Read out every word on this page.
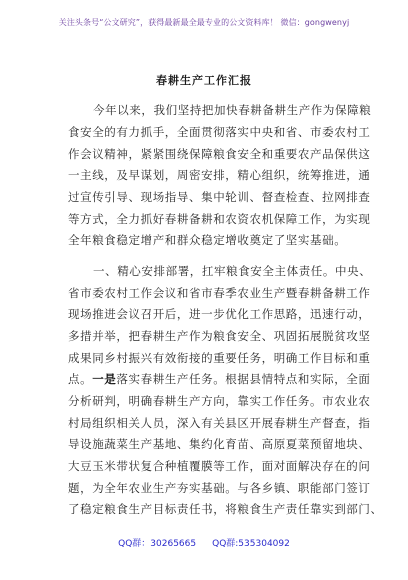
关注头条号“公文研究”，获得最新最全最专业的公文资料库！ 微信：gongwenyj
春耕生产工作汇报
今年以来，我们坚持把加快春耕备耕生产作为保障粮
食安全的有力抓手，全面贯彻落实中央和省、市委农村工
作会议精神，紧紧围绕保障粮食安全和重要农产品保供这
一主线，及早谋划，周密安排，精心组织，统筹推进，通
过宣传引导、现场指导、集中轮训、督查检查、拉网排查
等方式，全力抓好春耕备耕和农资农机保障工作，为实现
全年粮食稳定增产和群众稳定增收奠定了坚实基础。
一、精心安排部署，扛牢粮食安全主体责任。中央、
省市委农村工作会议和省市春季农业生产暨春耕备耕工作
现场推进会议召开后，进一步优化工作思路，迅速行动，
多措并举，把春耕生产作为粮食安全、巩固拓展脱贫攻坚
成果同乡村振兴有效衔接的重要任务，明确工作目标和重
点。一是落实春耕生产任务。根据县情特点和实际，全面
分析研判，明确春耕生产方向，靠实工作任务。市农业农
村局组织相关人员，深入有关县区开展春耕生产督查，指
导设施蔬菜生产基地、集约化育苗、高原夏菜预留地块、
大豆玉米带状复合种植覆膜等工作，面对面解决存在的问
题，为全年农业生产夯实基础。与各乡镇、职能部门签订
了稳定粮食生产目标责任书，将粮食生产责任靠实到部门、
QQ群：30265665 QQ群:535304092
